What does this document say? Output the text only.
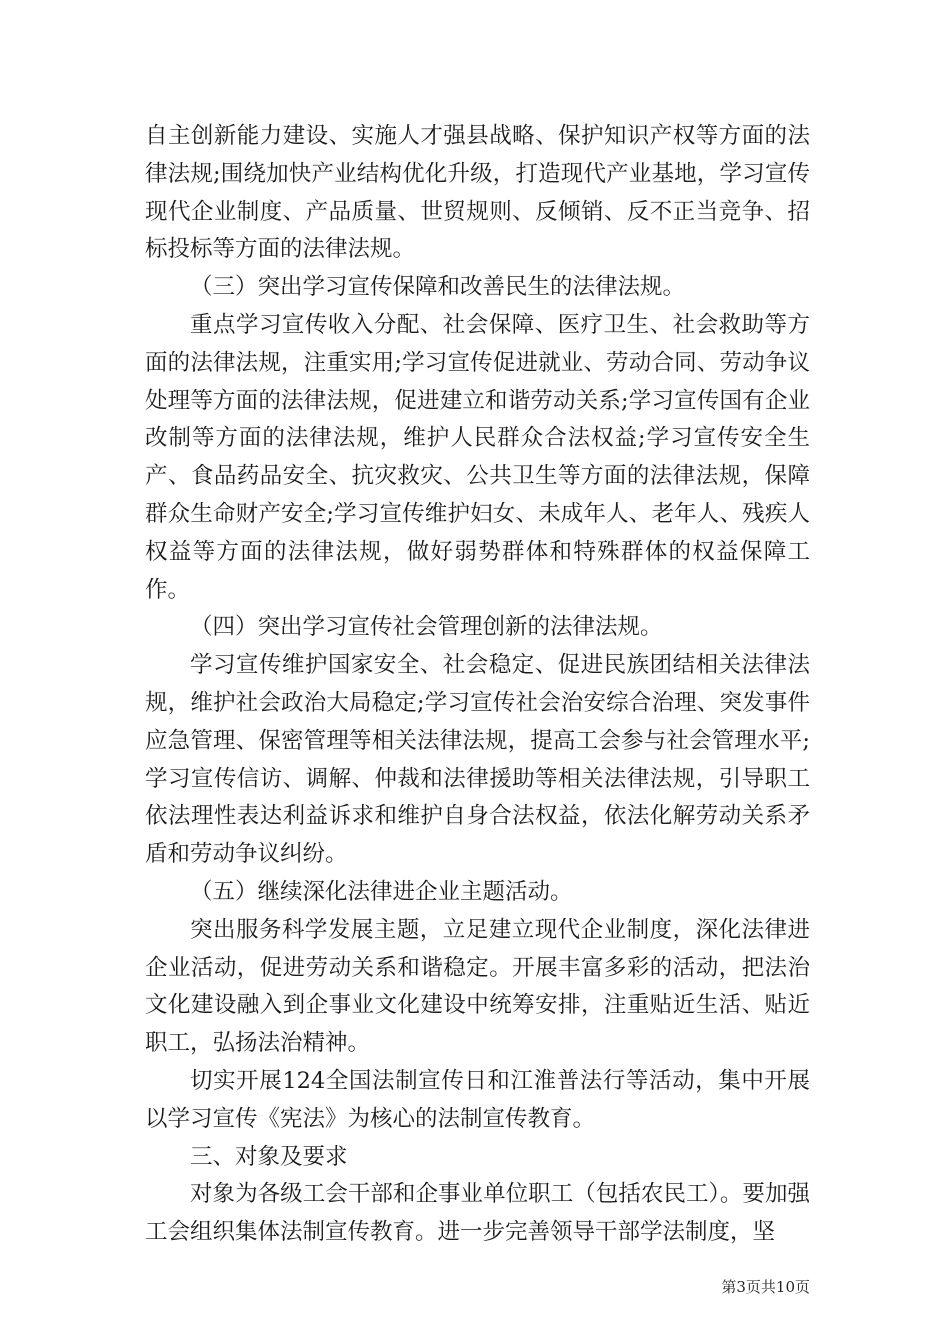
自主创新能力建设、实施人才强县战略、保护知识产权等方面的法律法规;围绕加快产业结构优化升级，打造现代产业基地，学习宣传现代企业制度、产品质量、世贸规则、反倾销、反不正当竞争、招标投标等方面的法律法规。

（三）突出学习宣传保障和改善民生的法律法规。

重点学习宣传收入分配、社会保障、医疗卫生、社会救助等方面的法律法规，注重实用;学习宣传促进就业、劳动合同、劳动争议处理等方面的法律法规，促进建立和谐劳动关系;学习宣传国有企业改制等方面的法律法规，维护人民群众合法权益;学习宣传安全生产、食品药品安全、抗灾救灾、公共卫生等方面的法律法规，保障群众生命财产安全;学习宣传维护妇女、未成年人、老年人、残疾人权益等方面的法律法规，做好弱势群体和特殊群体的权益保障工作。

（四）突出学习宣传社会管理创新的法律法规。

学习宣传维护国家安全、社会稳定、促进民族团结相关法律法规，维护社会政治大局稳定;学习宣传社会治安综合治理、突发事件应急管理、保密管理等相关法律法规，提高工会参与社会管理水平;学习宣传信访、调解、仲裁和法律援助等相关法律法规，引导职工依法理性表达利益诉求和维护自身合法权益，依法化解劳动关系矛盾和劳动争议纠纷。

（五）继续深化法律进企业主题活动。

突出服务科学发展主题，立足建立现代企业制度，深化法律进企业活动，促进劳动关系和谐稳定。开展丰富多彩的活动，把法治文化建设融入到企事业文化建设中统筹安排，注重贴近生活、贴近职工，弘扬法治精神。

切实开展124全国法制宣传日和江淮普法行等活动，集中开展以学习宣传《宪法》为核心的法制宣传教育。

三、对象及要求

对象为各级工会干部和企事业单位职工（包括农民工）。要加强工会组织集体法制宣传教育。进一步完善领导干部学法制度，坚

第3页共10页
